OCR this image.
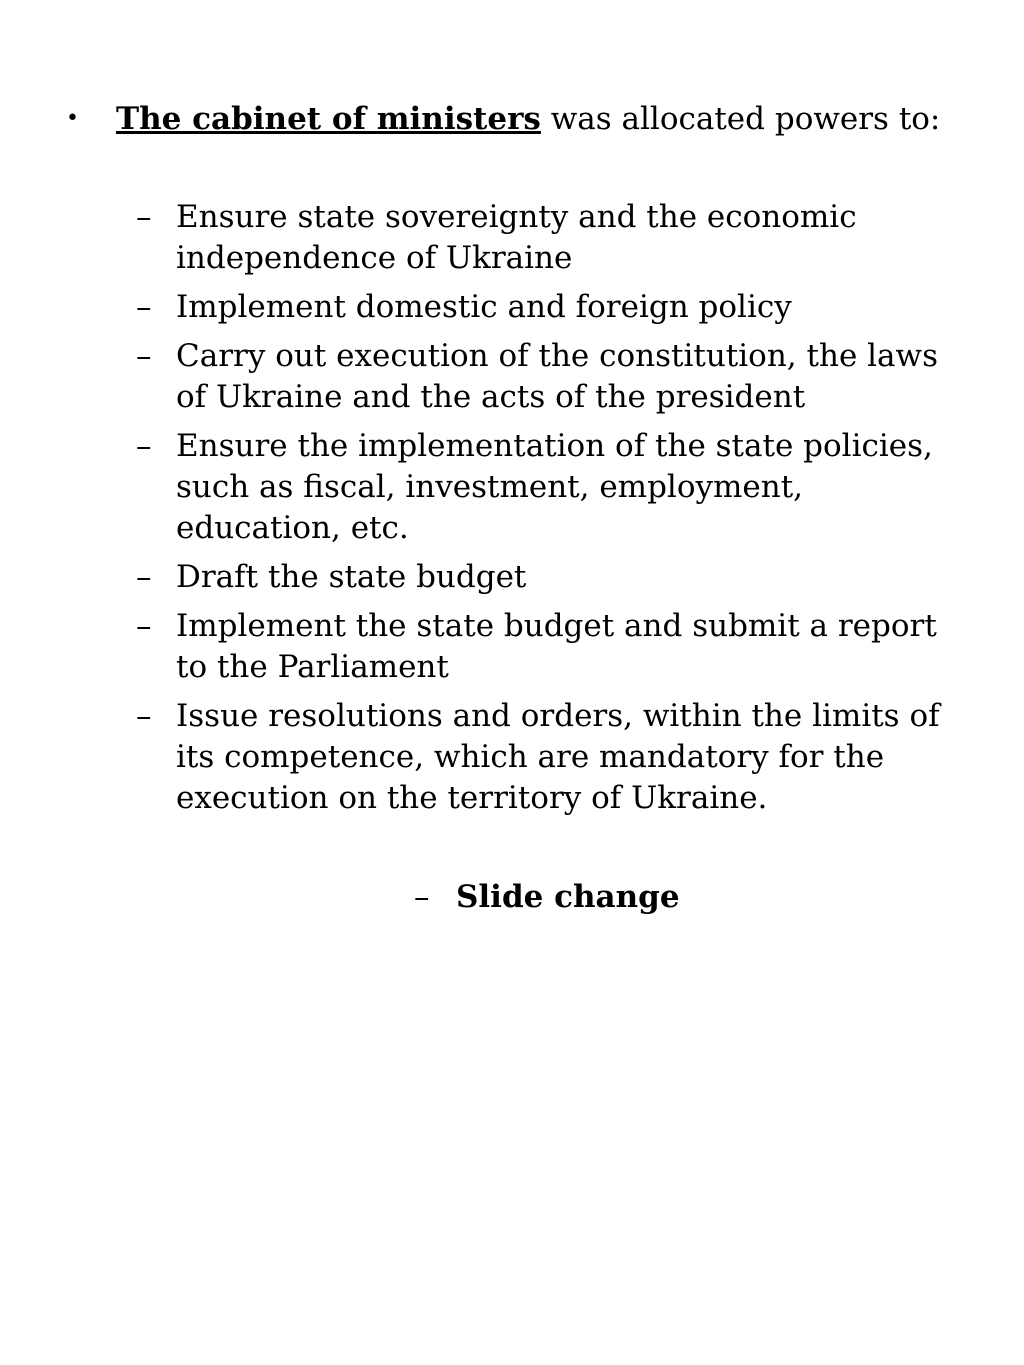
• The cabinet of ministers was allocated powers to:
– Ensure state sovereignty and the economic independence of Ukraine
– Implement domestic and foreign policy
– Carry out execution of the constitution, the laws of Ukraine and the acts of the president
– Ensure the implementation of the state policies, such as fiscal, investment, employment, education, etc.
– Draft the state budget
– Implement the state budget and submit a report to the Parliament
– Issue resolutions and orders, within the limits of its competence, which are mandatory for the execution on the territory of Ukraine.
– Slide change
